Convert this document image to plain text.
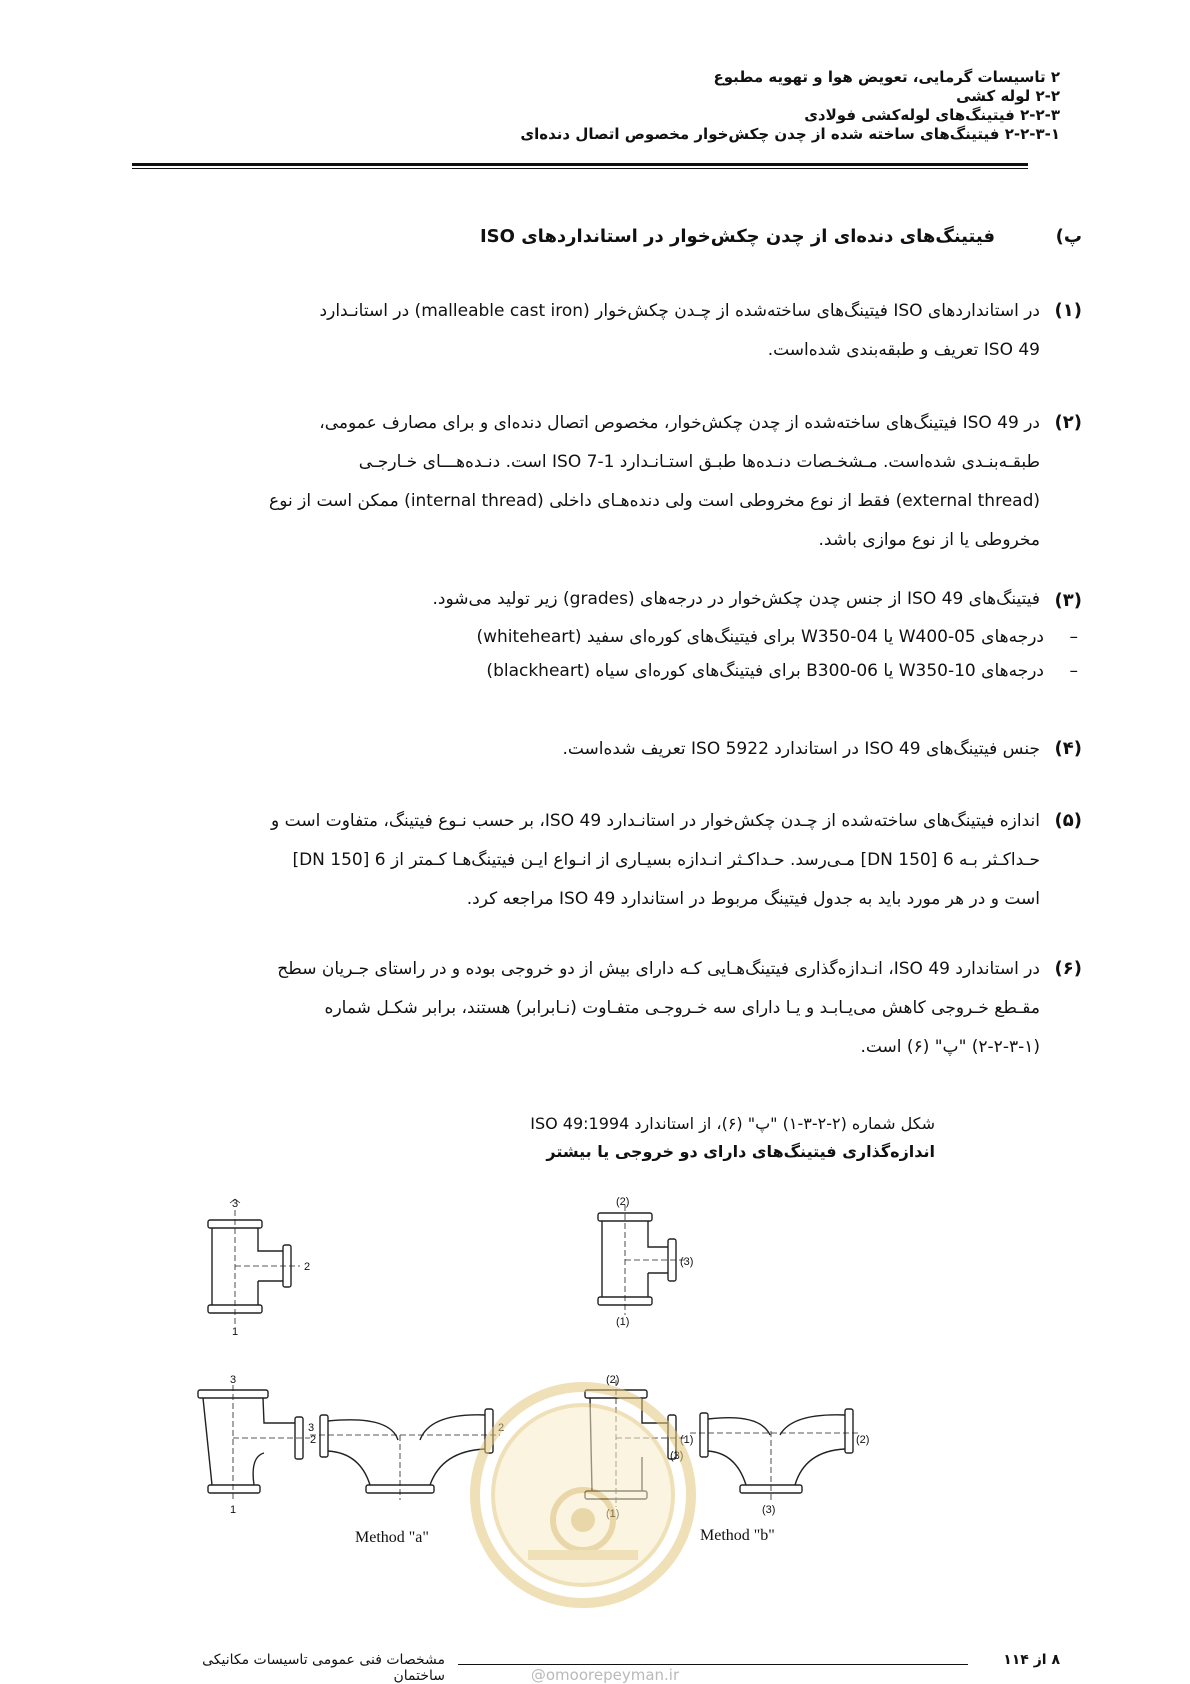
۲ تاسیسات گرمایی، تعویض هوا و تهویه مطبوع
۲-۲ لوله کشی
۲-۲-۳ فیتینگ‌های لوله‌کشی فولادی
۲-۲-۳-۱ فیتینگ‌های ساخته شده از چدن چکش‌خوار مخصوص اتصال دنده‌ای
پ)
فیتینگ‌های دنده‌ای از چدن چکش‌خوار در استانداردهای ISO
(۱)
در استانداردهای ISO فیتینگ‌های ساخته‌شده از چـدن چکش‌خوار (malleable cast iron) در استانـدارد
ISO 49 تعریف و طبقه‌بندی شده‌است.
(۲)
در ISO 49 فیتینگ‌های ساخته‌شده از چدن چکش‌خوار، مخصوص اتصال دنده‌ای و برای مصارف عمومی،
طبقـه‌بنـدی شده‌است. مـشخـصات دنـده‌ها طبـق استـانـدارد ISO 7-1 است. دنـده‌هـــای خـارجـی
(external thread) فقط از نوع مخروطی است ولی دنده‌هـای داخلی (internal thread) ممکن است از نوع
مخروطی یا از نوع موازی باشد.
(۳)
فیتینگ‌های ISO 49 از جنس چدن چکش‌خوار در درجه‌های (grades) زیر تولید می‌شود.
–
درجه‌های W400-05 یا W350-04 برای فیتینگ‌های کوره‌ای سفید (whiteheart)
–
درجه‌های W350-10 یا B300-06 برای فیتینگ‌های کوره‌ای سیاه (blackheart)
(۴)
جنس فیتینگ‌های ISO 49 در استاندارد ISO 5922 تعریف شده‌است.
(۵)
اندازه فیتینگ‌های ساخته‌شده از چـدن چکش‌خوار در استانـدارد ISO 49، بر حسب نـوع فیتینگ، متفاوت است و
حـداکـثر بـه 6 [DN 150] مـی‌رسد. حـداکـثر انـدازه بسیـاری از انـواع ایـن فیتینگ‌هـا کـمتر از 6 [DN 150]
است و در هر مورد باید به جدول فیتینگ مربوط در استاندارد ISO 49 مراجعه کرد.
(۶)
در استاندارد ISO 49، انـدازه‌گذاری فیتینگ‌هـایی کـه دارای بیش از دو خروجی بوده و در راستای جـریان سطح
مقـطع خـروجی کاهش می‌یـابـد و یـا دارای سه خـروجـی متفـاوت (نـابرابر) هستند، برابر شکـل شماره
(۲-۲-۳-۱) "پ" (۶) است.
شکل شماره (۲-۲-۳-۱) "پ" (۶)، از استاندارد ISO 49:1994
اندازه‌گذاری فیتینگ‌های دارای دو خروجی یا بیشتر
3
2
1
3
2
1
3	2
(2)
(3)
(1)
(2)
(3)
(1)	(2)
(3)
Method "a"	Method "b"
۸ از ۱۱۴
مشخصات فنی عمومی تاسیسات مکانیکی ساختمان	@omoorepeyman.ir
